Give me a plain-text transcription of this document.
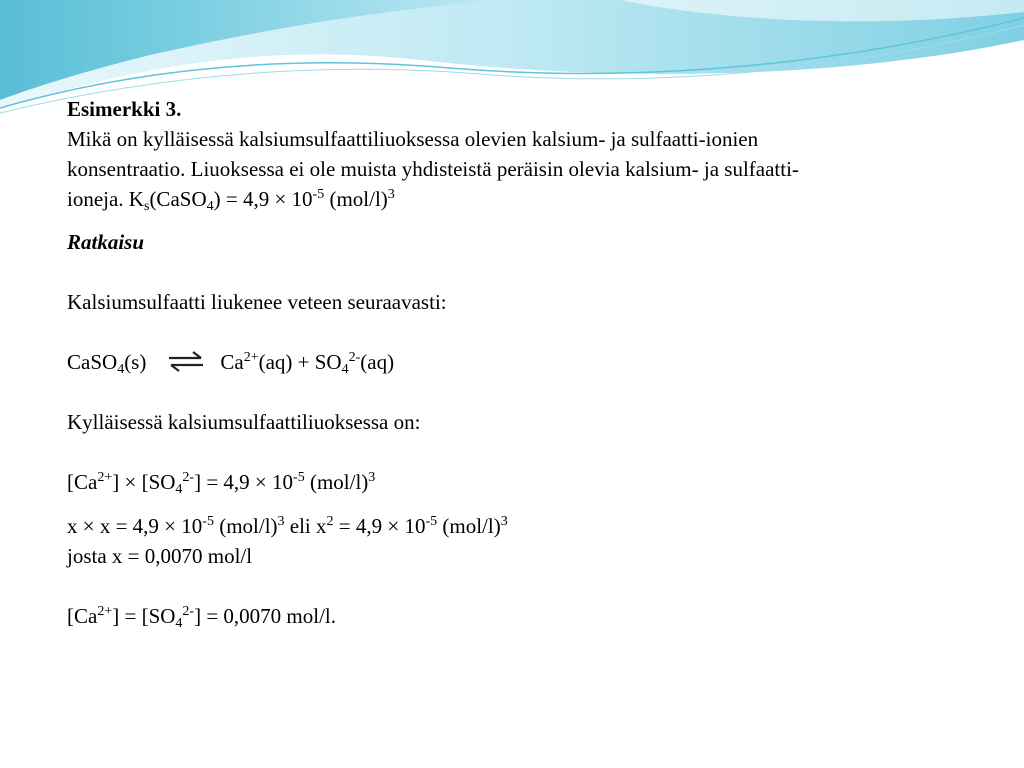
Esimerkki 3.

Mikä on kylläisessä kalsiumsulfaattiliuoksessa olevien kalsium- ja sulfaatti-ionien

konsentraatio. Liuoksessa ei ole muista yhdisteistä peräisin olevia kalsium- ja sulfaatti-

ioneja. $K_s(CaSO_4) = 4,9 \times 10^{-5}$ $(mol/l)^3$

Ratkaisu

Kalsiumsulfaatti liukenee veteen seuraavasti:

CaSO$_4$(s) ⇌ $Ca^{2+}(aq) + SO_4^{2-}(aq)$

Kylläisessä kalsiumsulfaattiliuoksessa on:

$[Ca^{2+}] \times [SO_4^{2-}] = 4,9 \times 10^{-5}$ $(mol/l)^3$

$x \times x = 4,9 \times 10^{-5}$ $(mol/l)^3$ eli $x^2 = 4,9 \times 10^{-5}$ $(mol/l)^3$

josta x = 0,0070 mol/l

$[Ca^{2+}] = [SO_4^{2-}] = 0,0070$ mol/l.
